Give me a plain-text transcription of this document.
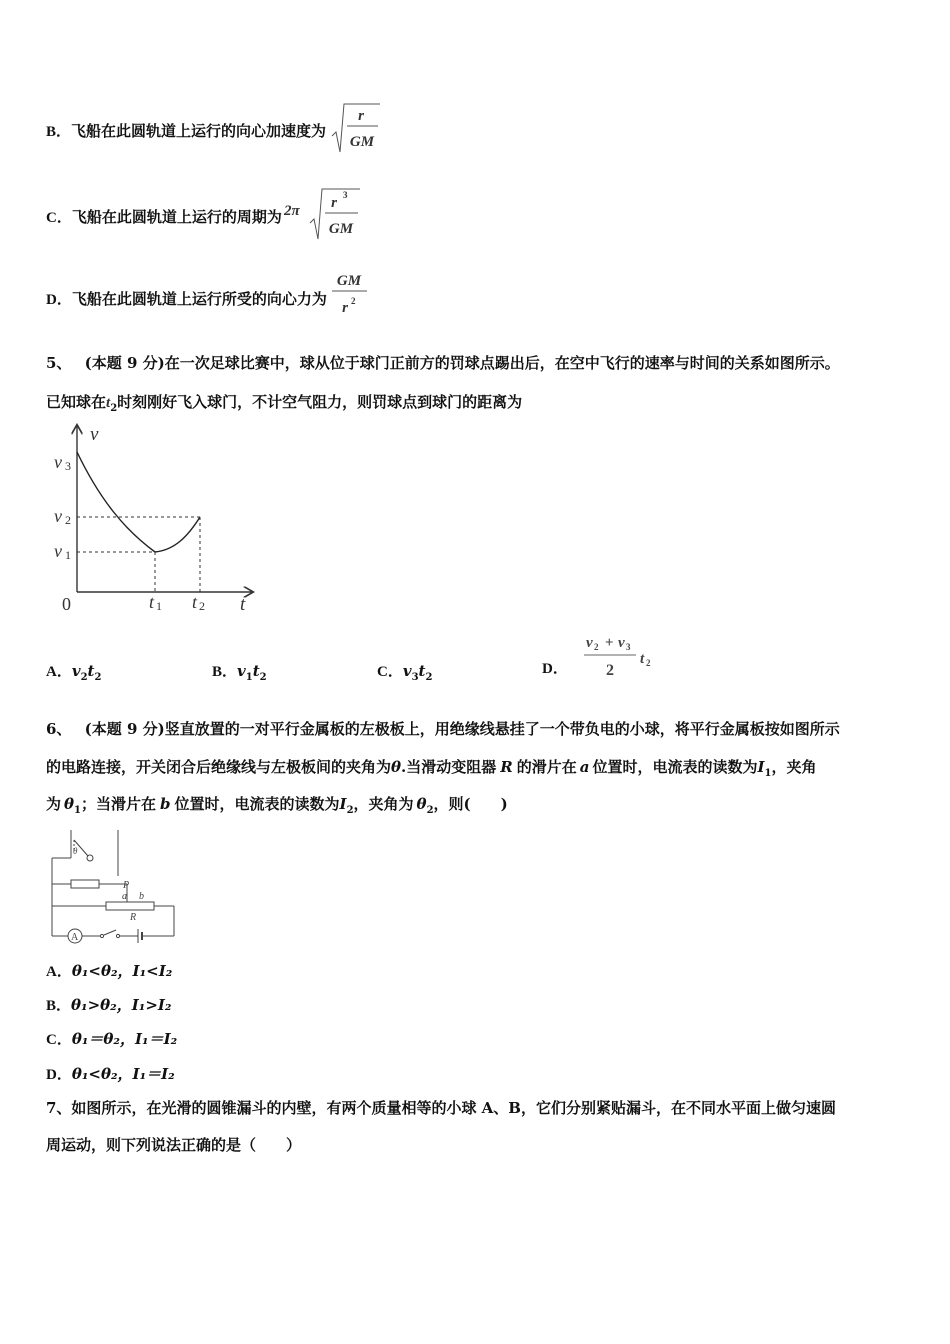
B． 飞船在此圆轨道上运行的向心加速度为
r
GM
C． 飞船在此圆轨道上运行的周期为 2π r 3
GM
D． 飞船在此圆轨道上运行所受的向心力为
GM
r 2
5、 (本题 9 分)在一次足球比赛中，球从位于球门正前方的罚球点踢出后，在空中飞行的速率与时间的关系如图所示。
已知球在$t_2$时刻刚好飞入球门，不计空气阻力，则罚球点到球门的距离为
v
t
0
v 3
v 2
v 1
t 1 t 2
A．$v_2t_2$	B．$v_1t_2$	C．$v_3t_2$
D．
v 2 + v 3
2
t 2
6、 (本题 9 分)竖直放置的一对平行金属板的左极板上，用绝缘线悬挂了一个带负电的小球，将平行金属板按如图所示
的电路连接，开关闭合后绝缘线与左极板间的夹角为θ.当滑动变阻器 R 的滑片在 a 位置时，电流表的读数为$I_1$，夹角
为 $\theta_1$；当滑片在 b 位置时，电流表的读数为$I_2$，夹角为 $\theta_2$，则(　　)
θ
P
a b
R
A
A．θ₁<θ₂，I₁<I₂
B．θ₁>θ₂，I₁>I₂
C．θ₁＝θ₂，I₁＝I₂
D．θ₁<θ₂，I₁＝I₂
7、如图所示，在光滑的圆锥漏斗的内壁，有两个质量相等的小球 A、B，它们分别紧贴漏斗，在不同水平面上做匀速圆
周运动，则下列说法正确的是（　　）
